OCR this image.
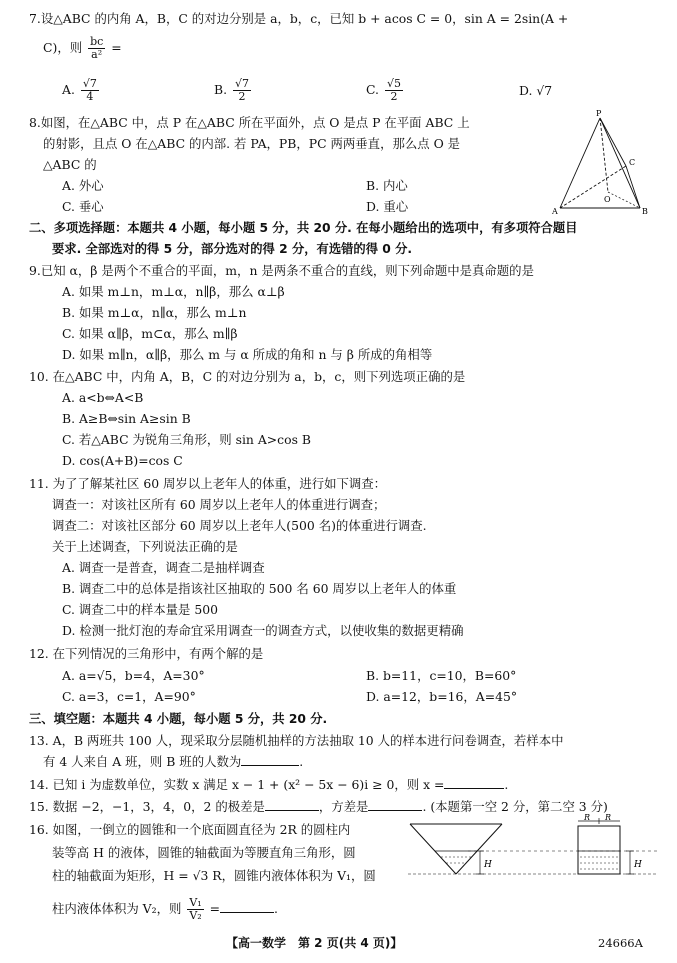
7.设△ABC 的内角 A，B，C 的对边分别是 a，b，c，已知 b + acos C = 0，sin A = 2sin(A +
C)，则 $\frac{bc}{\text{a²}}$ =
A. $\frac{√7}{4}$	B. $\frac{√7}{2}$	C. $\frac{√5}{2}$	D. √7
8.如图，在△ABC 中，点 P 在△ABC 所在平面外，点 O 是点 P 在平面 ABC 上
的射影，且点 O 在△ABC 的内部. 若 PA，PB，PC 两两垂直，那么点 O 是
△ABC 的
A. 外心	B. 内心
C. 垂心	D. 重心
P
A	B
C
O
二、多项选择题：本题共 4 小题，每小题 5 分，共 20 分. 在每小题给出的选项中，有多项符合题目
要求. 全部选对的得 5 分，部分选对的得 2 分，有选错的得 0 分.
9.已知 α，β 是两个不重合的平面，m，n 是两条不重合的直线，则下列命题中是真命题的是
A. 如果 m⊥n，m⊥α，n∥β，那么 α⊥β
B. 如果 m⊥α，n∥α，那么 m⊥n
C. 如果 α∥β，m⊂α，那么 m∥β
D. 如果 m∥n，α∥β，那么 m 与 α 所成的角和 n 与 β 所成的角相等
10. 在△ABC 中，内角 A，B，C 的对边分别为 a，b，c，则下列选项正确的是
A. a<b⇔A<B
B. A≥B⇔sin A≥sin B
C. 若△ABC 为锐角三角形，则 sin A>cos B
D. cos(A+B)=cos C
11. 为了了解某社区 60 周岁以上老年人的体重，进行如下调查：
调查一：对该社区所有 60 周岁以上老年人的体重进行调查；
调查二：对该社区部分 60 周岁以上老年人(500 名)的体重进行调查.
关于上述调查，下列说法正确的是
A. 调查一是普查，调查二是抽样调查
B. 调查二中的总体是指该社区抽取的 500 名 60 周岁以上老年人的体重
C. 调查二中的样本量是 500
D. 检测一批灯泡的寿命宜采用调查一的调查方式，以使收集的数据更精确
12. 在下列情况的三角形中，有两个解的是
A. a=√5，b=4，A=30°	B. b=11，c=10，B=60°
C. a=3，c=1，A=90°	D. a=12，b=16，A=45°
三、填空题：本题共 4 小题，每小题 5 分，共 20 分.
13. A，B 两班共 100 人，现采取分层随机抽样的方法抽取 10 人的样本进行问卷调查，若样本中
有 4 人来自 A 班，则 B 班的人数为	.
14. 已知 i 为虚数单位，实数 x 满足 x − 1 + (x² − 5x − 6)i ≥ 0，则 x =	.
15. 数据 −2，−1，3，4，0，2 的极差是	，方差是	. (本题第一空 2 分，第二空 3 分)
16. 如图，一倒立的圆锥和一个底面圆直径为 2R 的圆柱内
装等高 H 的液体，圆锥的轴截面为等腰直角三角形，圆
柱的轴截面为矩形，H = √3 R，圆锥内液体体积为 V₁，圆
柱内液体体积为 V₂，则 $\frac{\text{V₁}}{\text{V₂}}$ =	.
H
R R
H
【高一数学　第 2 页(共 4 页)】	24666A
